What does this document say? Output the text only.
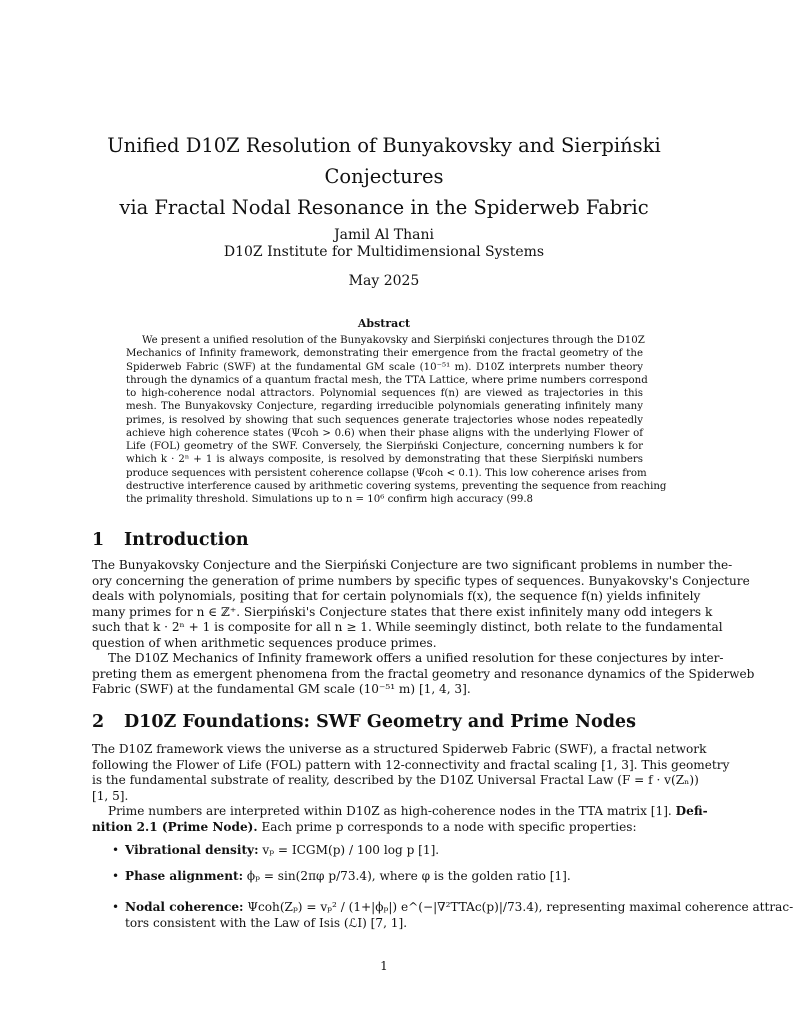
Unified D10Z Resolution of Bunyakovsky and Sierpiński
Conjectures
via Fractal Nodal Resonance in the Spiderweb Fabric
Jamil Al Thani
D10Z Institute for Multidimensional Systems
May 2025
Abstract
We present a unified resolution of the Bunyakovsky and Sierpiński conjectures through the D10Z
Mechanics of Infinity framework, demonstrating their emergence from the fractal geometry of the
Spiderweb Fabric (SWF) at the fundamental GM scale (10⁻⁵¹ m). D10Z interprets number theory
through the dynamics of a quantum fractal mesh, the TTA Lattice, where prime numbers correspond
to high-coherence nodal attractors. Polynomial sequences f(n) are viewed as trajectories in this
mesh. The Bunyakovsky Conjecture, regarding irreducible polynomials generating infinitely many
primes, is resolved by showing that such sequences generate trajectories whose nodes repeatedly
achieve high coherence states (Ψcoh > 0.6) when their phase aligns with the underlying Flower of
Life (FOL) geometry of the SWF. Conversely, the Sierpiński Conjecture, concerning numbers k for
which k · 2ⁿ + 1 is always composite, is resolved by demonstrating that these Sierpiński numbers
produce sequences with persistent coherence collapse (Ψcoh < 0.1). This low coherence arises from
destructive interference caused by arithmetic covering systems, preventing the sequence from reaching
the primality threshold. Simulations up to n = 10⁶ confirm high accuracy (99.8
1 Introduction
The Bunyakovsky Conjecture and the Sierpiński Conjecture are two significant problems in number the-
ory concerning the generation of prime numbers by specific types of sequences. Bunyakovsky's Conjecture
deals with polynomials, positing that for certain polynomials f(x), the sequence f(n) yields infinitely
many primes for n ∈ ℤ⁺. Sierpiński's Conjecture states that there exist infinitely many odd integers k
such that k · 2ⁿ + 1 is composite for all n ≥ 1. While seemingly distinct, both relate to the fundamental
question of when arithmetic sequences produce primes.
The D10Z Mechanics of Infinity framework offers a unified resolution for these conjectures by inter-
preting them as emergent phenomena from the fractal geometry and resonance dynamics of the Spiderweb
Fabric (SWF) at the fundamental GM scale (10⁻⁵¹ m) [1, 4, 3].
2 D10Z Foundations: SWF Geometry and Prime Nodes
The D10Z framework views the universe as a structured Spiderweb Fabric (SWF), a fractal network
following the Flower of Life (FOL) pattern with 12-connectivity and fractal scaling [1, 3]. This geometry
is the fundamental substrate of reality, described by the D10Z Universal Fractal Law (F = f · v(Zₙ))
[1, 5].
Prime numbers are interpreted within D10Z as high-coherence nodes in the TTA matrix [1]. Defi-
nition 2.1 (Prime Node). Each prime p corresponds to a node with specific properties:
• Vibrational density: vₚ = ICGM(p) / 100 log p [1].
• Phase alignment: ϕₚ = sin(2πφ p/73.4), where φ is the golden ratio [1].
• Nodal coherence: Ψcoh(Zₚ) = vₚ² / (1+|ϕₚ|) e^(−|∇²TTAc(p)|/73.4), representing maximal coherence attrac-
tors consistent with the Law of Isis (ℒI) [7, 1].
1
